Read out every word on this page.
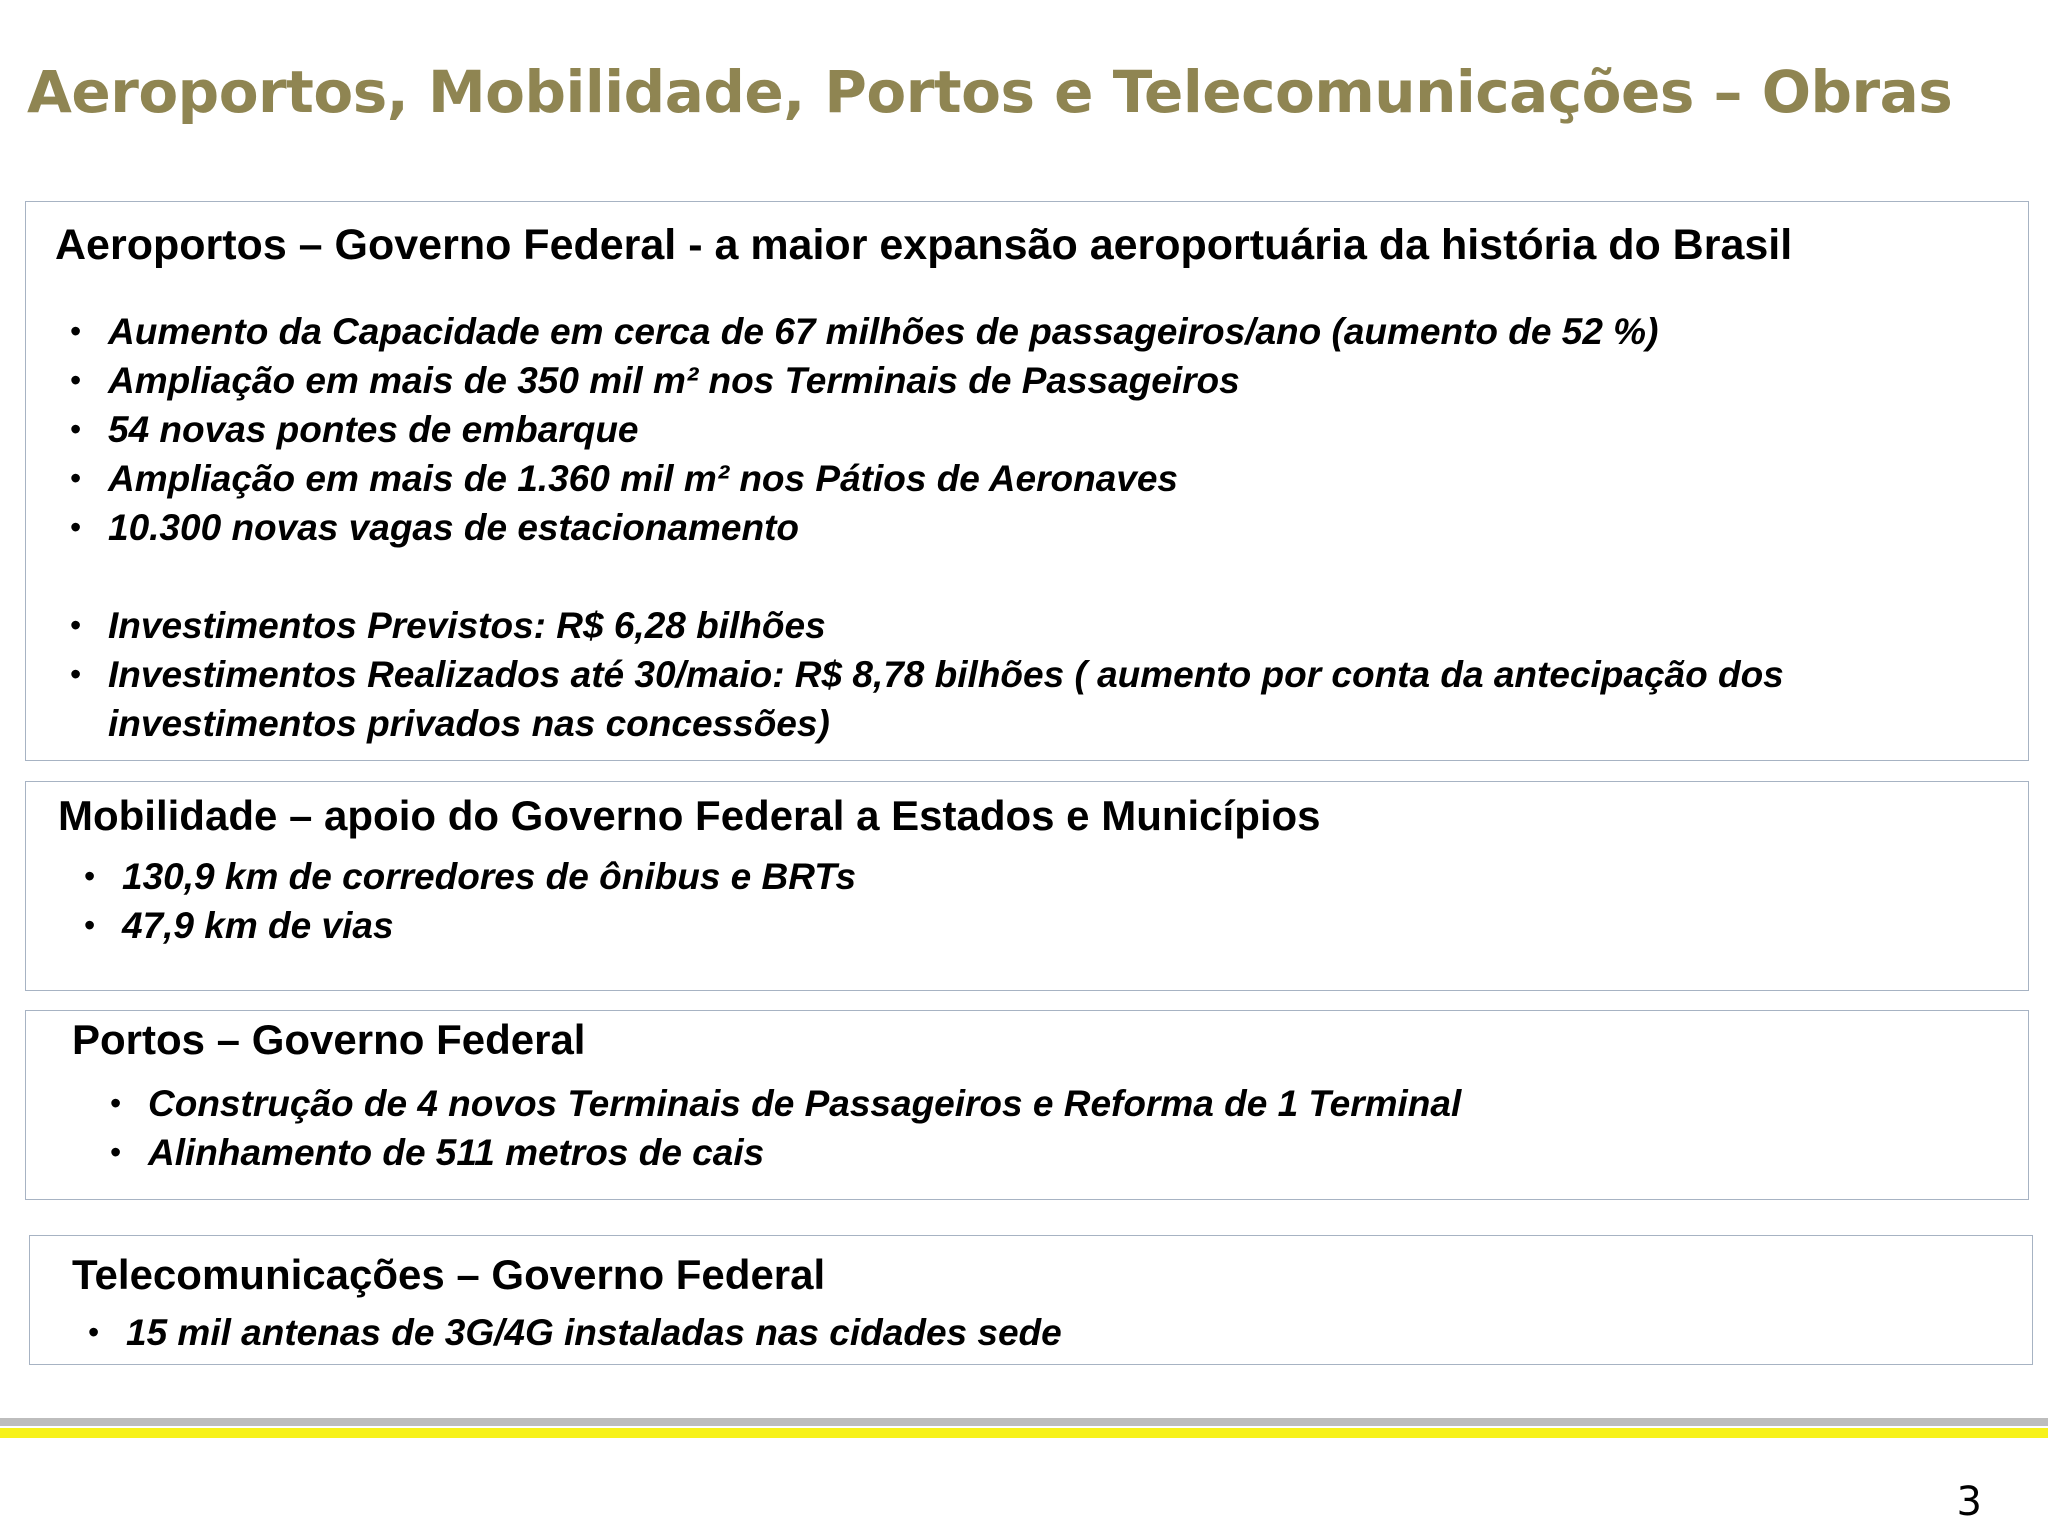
Aeroportos, Mobilidade, Portos e Telecomunicações – Obras
Aeroportos – Governo Federal - a maior expansão aeroportuária da história do Brasil
• Aumento da Capacidade em cerca de 67 milhões de passageiros/ano (aumento de 52 %)
• Ampliação em mais de 350 mil m² nos Terminais de Passageiros
• 54 novas pontes de embarque
• Ampliação em mais de 1.360 mil m² nos Pátios de Aeronaves
• 10.300 novas vagas de estacionamento
• Investimentos Previstos: R$ 6,28 bilhões
• Investimentos Realizados até 30/maio: R$ 8,78 bilhões ( aumento por conta da antecipação dos investimentos privados nas concessões)
Mobilidade – apoio do Governo Federal a Estados e Municípios
• 130,9 km de corredores de ônibus e BRTs
• 47,9 km de vias
Portos – Governo Federal
• Construção de 4 novos Terminais de Passageiros e Reforma de 1 Terminal
• Alinhamento de 511 metros de cais
Telecomunicações – Governo Federal
• 15 mil antenas de 3G/4G instaladas nas cidades sede
3
